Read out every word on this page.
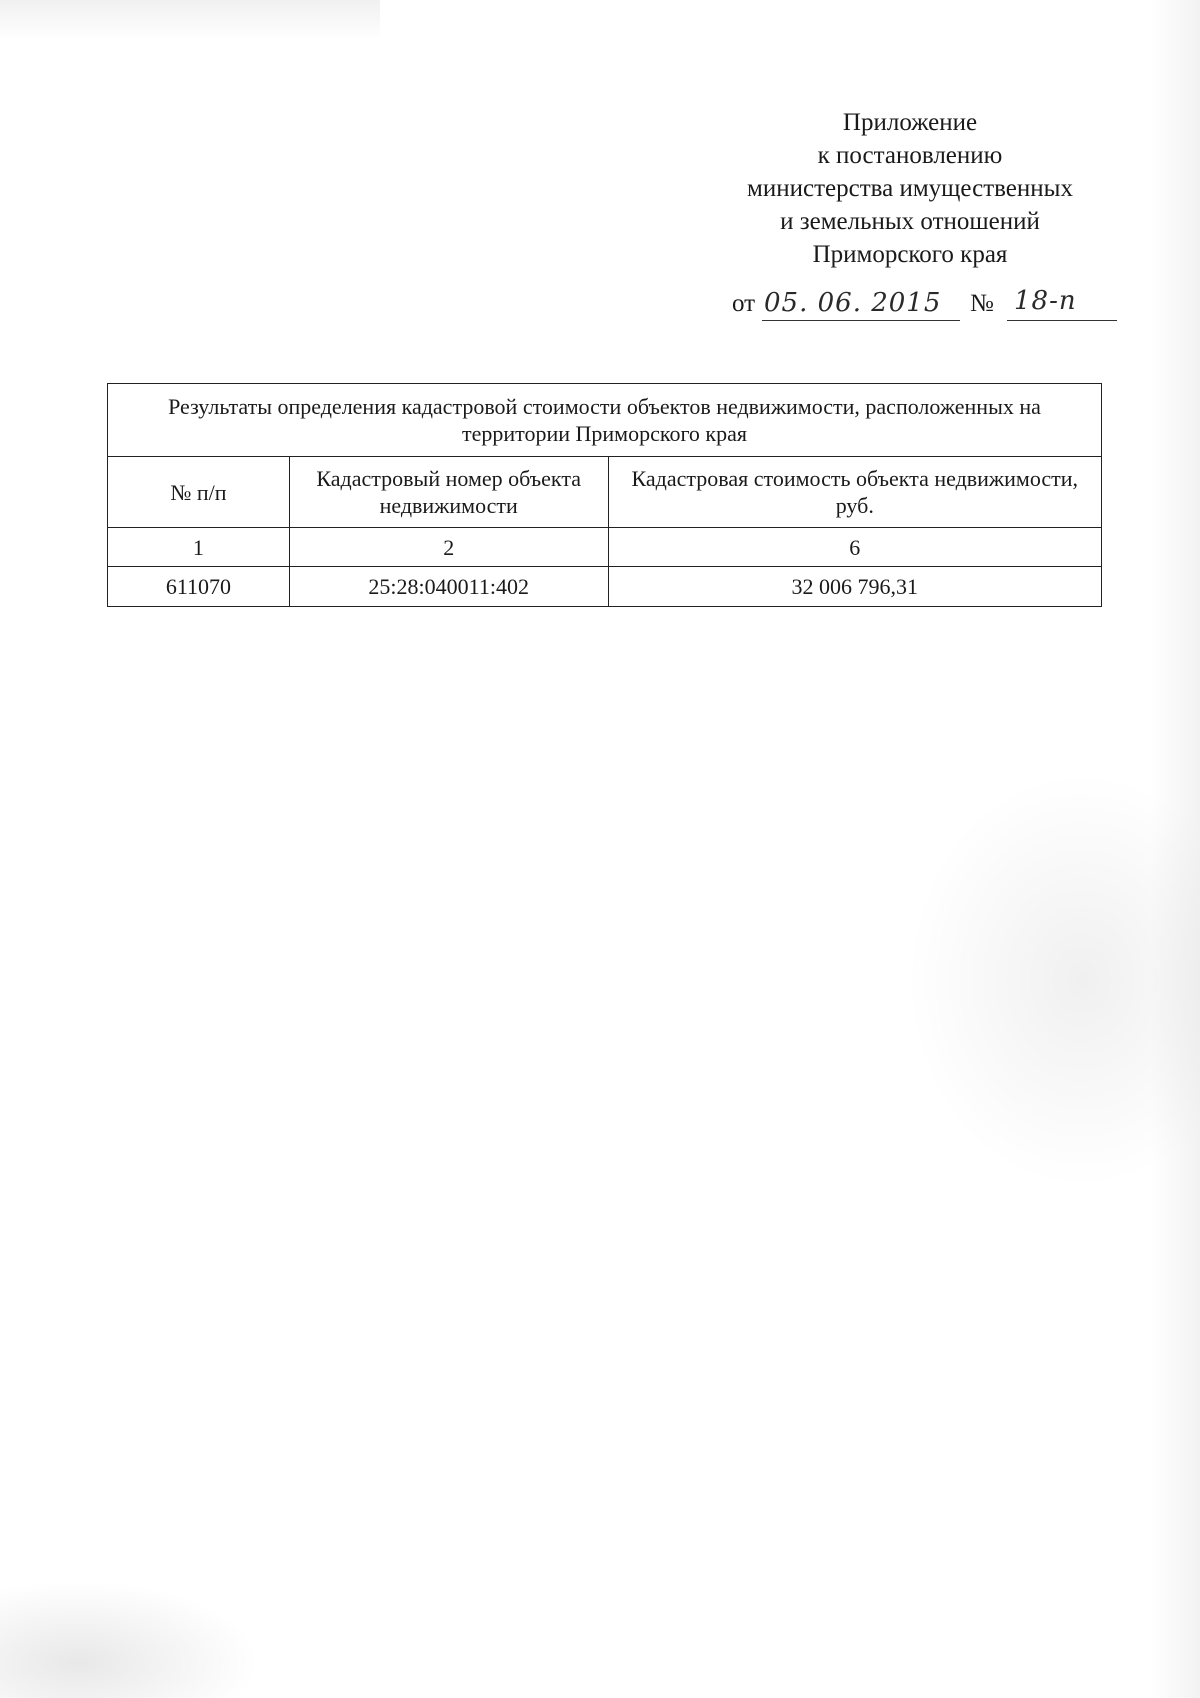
Приложение
к постановлению
министерства имущественных
и земельных отношений
Приморского края
от 05. 06. 2015 № 18-п
Результаты определения кадастровой стоимости объектов недвижимости, расположенных на территории Приморского края		
№ п/п	Кадастровый номер объекта недвижимости	Кадастровая стоимость объекта недвижимости, руб.
1	2	6
611070	25:28:040011:402	32 006 796,31
